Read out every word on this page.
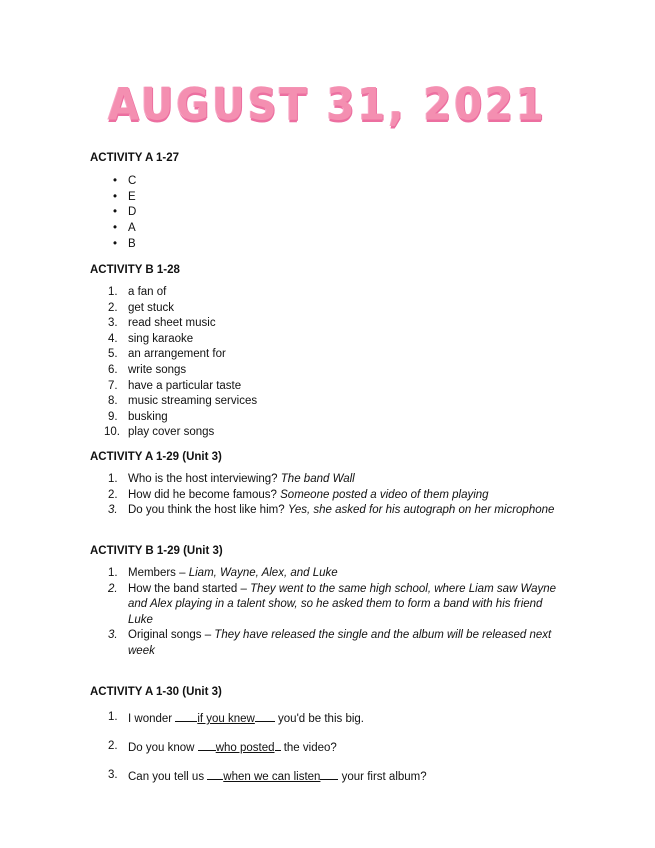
AUGUST 31, 2021

ACTIVITY A 1-27

• C
• E
• D
• A
• B

ACTIVITY B 1-28

1. a fan of
2. get stuck
3. read sheet music
4. sing karaoke
5. an arrangement for
6. write songs
7. have a particular taste
8. music streaming services
9. busking
10. play cover songs

ACTIVITY A 1-29 (Unit 3)

1. Who is the host interviewing? The band Wall
2. How did he become famous? Someone posted a video of them playing
3. Do you think the host like him? Yes, she asked for his autograph on her microphone

ACTIVITY B 1-29 (Unit 3)

1. Members – Liam, Wayne, Alex, and Luke
2. How the band started – They went to the same high school, where Liam saw Wayne and Alex playing in a talent show, so he asked them to form a band with his friend Luke
3. Original songs – They have released the single and the album will be released next week

ACTIVITY A 1-30 (Unit 3)

1. I wonder if you knew you'd be this big.
2. Do you know who posted the video?
3. Can you tell us when we can listen your first album?
